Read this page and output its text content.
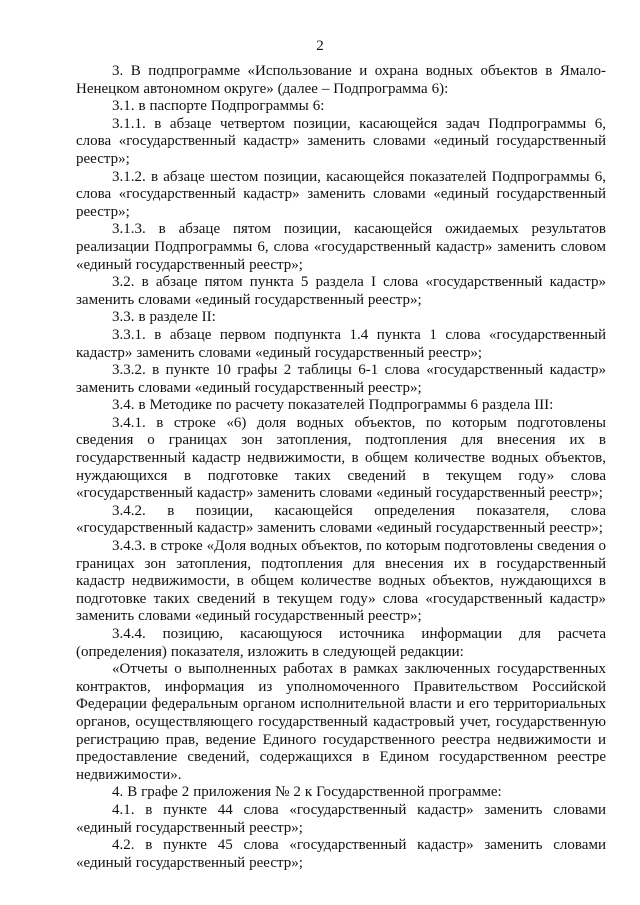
2

3. В подпрограмме «Использование и охрана водных объектов в Ямало-Ненецком автономном округе» (далее – Подпрограмма 6):

3.1. в паспорте Подпрограммы 6:

3.1.1. в абзаце четвертом позиции, касающейся задач Подпрограммы 6, слова «государственный кадастр» заменить словами «единый государственный реестр»;

3.1.2. в абзаце шестом позиции, касающейся показателей Подпрограммы 6, слова «государственный кадастр» заменить словами «единый государственный реестр»;

3.1.3. в абзаце пятом позиции, касающейся ожидаемых результатов реализации Подпрограммы 6, слова «государственный кадастр» заменить словом «единый государственный реестр»;

3.2. в абзаце пятом пункта 5 раздела I слова «государственный кадастр» заменить словами «единый государственный реестр»;

3.3. в разделе II:

3.3.1. в абзаце первом подпункта 1.4 пункта 1 слова «государственный кадастр» заменить словами «единый государственный реестр»;

3.3.2. в пункте 10 графы 2 таблицы 6-1 слова «государственный кадастр» заменить словами «единый государственный реестр»;

3.4. в Методике по расчету показателей Подпрограммы 6 раздела III:

3.4.1. в строке «6) доля водных объектов, по которым подготовлены сведения о границах зон затопления, подтопления для внесения их в государственный кадастр недвижимости, в общем количестве водных объектов, нуждающихся в подготовке таких сведений в текущем году» слова «государственный кадастр» заменить словами «единый государственный реестр»;

3.4.2. в позиции, касающейся определения показателя, слова «государственный кадастр» заменить словами «единый государственный реестр»;

3.4.3. в строке «Доля водных объектов, по которым подготовлены сведения о границах зон затопления, подтопления для внесения их в государственный кадастр недвижимости, в общем количестве водных объектов, нуждающихся в подготовке таких сведений в текущем году» слова «государственный кадастр» заменить словами «единый государственный реестр»;

3.4.4. позицию, касающуюся источника информации для расчета (определения) показателя, изложить в следующей редакции:

«Отчеты о выполненных работах в рамках заключенных государственных контрактов, информация из уполномоченного Правительством Российской Федерации федеральным органом исполнительной власти и его территориальных органов, осуществляющего государственный кадастровый учет, государственную регистрацию прав, ведение Единого государственного реестра недвижимости и предоставление сведений, содержащихся в Едином государственном реестре недвижимости».

4. В графе 2 приложения № 2 к Государственной программе:

4.1. в пункте 44 слова «государственный кадастр» заменить словами «единый государственный реестр»;

4.2. в пункте 45 слова «государственный кадастр» заменить словами «единый государственный реестр»;
